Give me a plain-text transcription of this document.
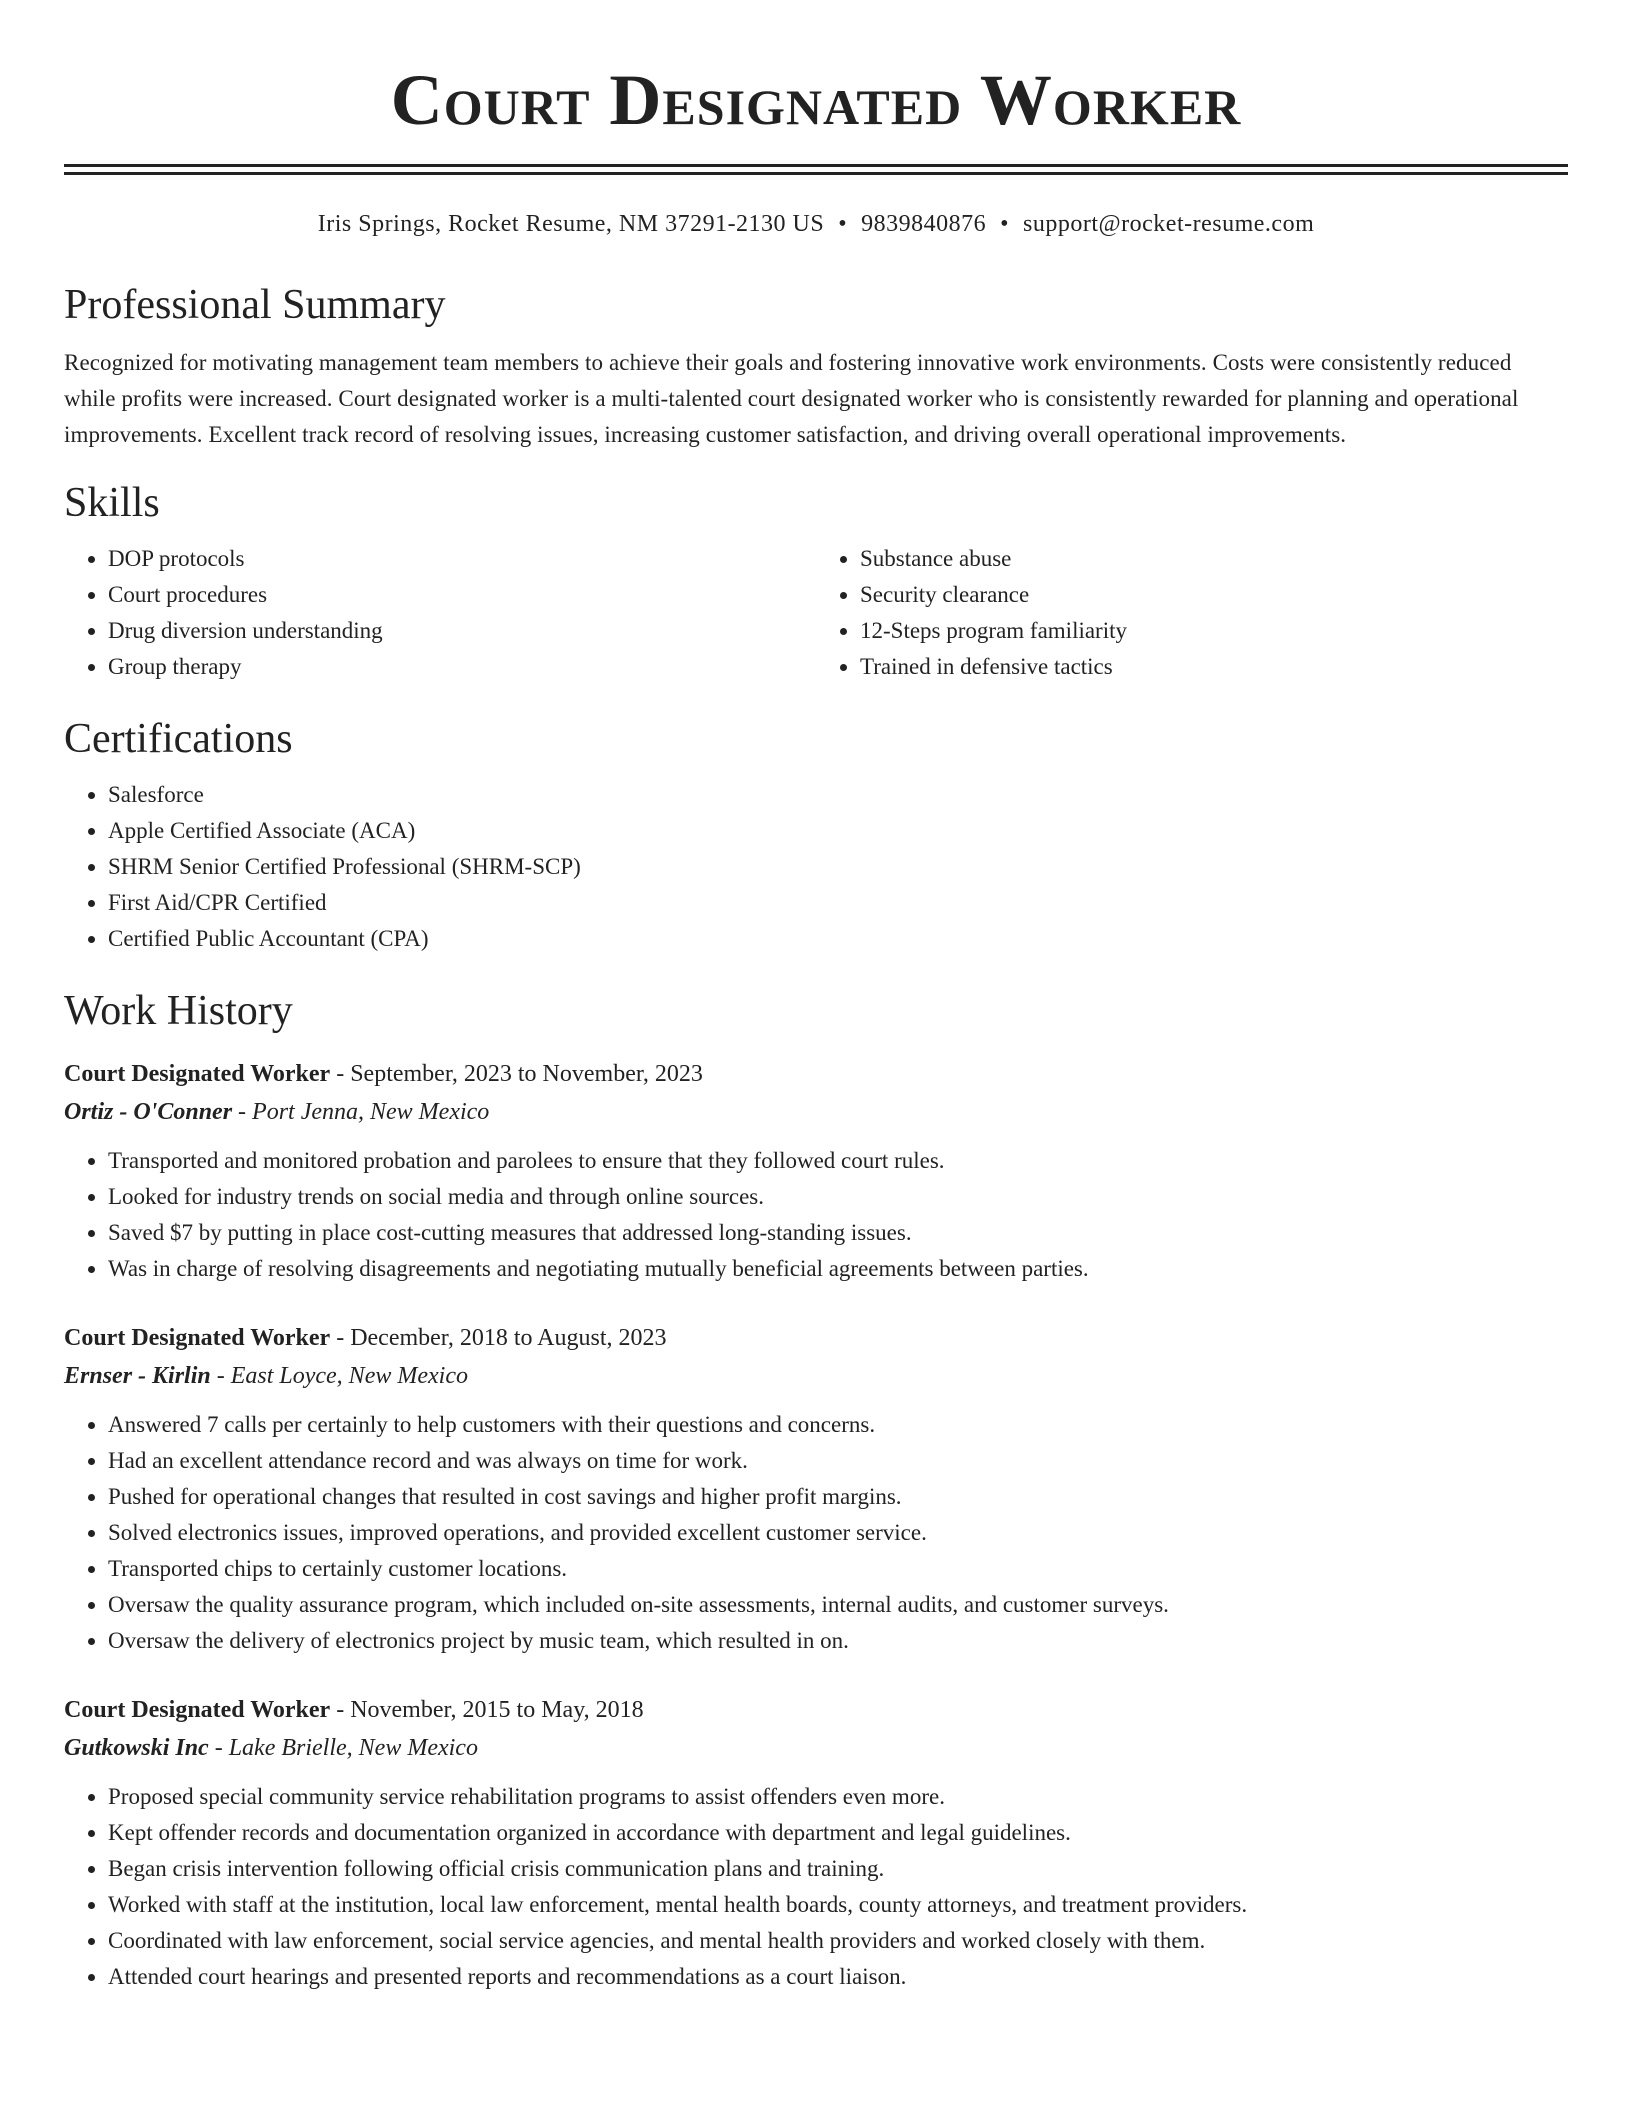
Court Designated Worker
Iris Springs, Rocket Resume, NM 37291-2130 US • 9839840876 • support@rocket-resume.com
Professional Summary

Recognized for motivating management team members to achieve their goals and fostering innovative work environments. Costs were consistently reduced while profits were increased. Court designated worker is a multi-talented court designated worker who is consistently rewarded for planning and operational improvements. Excellent track record of resolving issues, increasing customer satisfaction, and driving overall operational improvements.

Skills
• DOP protocols
• Court procedures
• Drug diversion understanding
• Group therapy
• Substance abuse
• Security clearance
• 12-Steps program familiarity
• Trained in defensive tactics
Certifications
• Salesforce
• Apple Certified Associate (ACA)
• SHRM Senior Certified Professional (SHRM-SCP)
• First Aid/CPR Certified
• Certified Public Accountant (CPA)
Work History
Court Designated Worker - September, 2023 to November, 2023
Ortiz - O'Conner - Port Jenna, New Mexico
• Transported and monitored probation and parolees to ensure that they followed court rules.
• Looked for industry trends on social media and through online sources.
• Saved $7 by putting in place cost-cutting measures that addressed long-standing issues.
• Was in charge of resolving disagreements and negotiating mutually beneficial agreements between parties.
Court Designated Worker - December, 2018 to August, 2023
Ernser - Kirlin - East Loyce, New Mexico
• Answered 7 calls per certainly to help customers with their questions and concerns.
• Had an excellent attendance record and was always on time for work.
• Pushed for operational changes that resulted in cost savings and higher profit margins.
• Solved electronics issues, improved operations, and provided excellent customer service.
• Transported chips to certainly customer locations.
• Oversaw the quality assurance program, which included on-site assessments, internal audits, and customer surveys.
• Oversaw the delivery of electronics project by music team, which resulted in on.
Court Designated Worker - November, 2015 to May, 2018
Gutkowski Inc - Lake Brielle, New Mexico
• Proposed special community service rehabilitation programs to assist offenders even more.
• Kept offender records and documentation organized in accordance with department and legal guidelines.
• Began crisis intervention following official crisis communication plans and training.
• Worked with staff at the institution, local law enforcement, mental health boards, county attorneys, and treatment providers.
• Coordinated with law enforcement, social service agencies, and mental health providers and worked closely with them.
• Attended court hearings and presented reports and recommendations as a court liaison.
